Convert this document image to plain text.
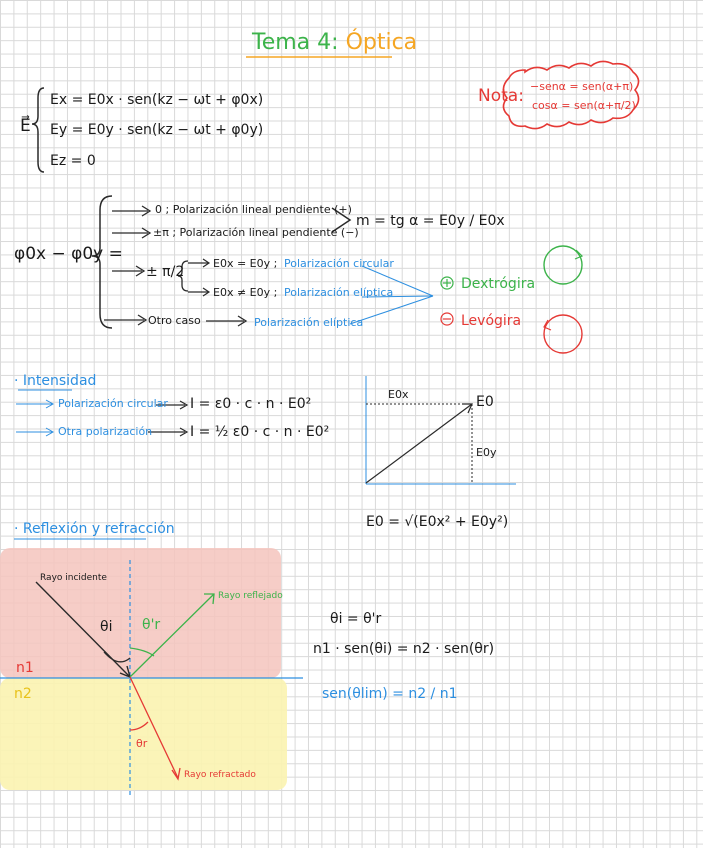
Tema 4: Óptica
Nota: −senα = sen(α+π)
cosα = sen(α+π/2)
E⃗
Ex = E0x · sen(kz − ωt + φ0x)
Ey = E0y · sen(kz − ωt + φ0y)
Ez = 0
φ0x − φ0y =
0 ; Polarización lineal pendiente (+)
±π ; Polarización lineal pendiente (−)
m = tg α = E0y / E0x
± π/2
E0x = E0y ; Polarización circular
E0x ≠ E0y ; Polarización elíptica
Otro caso	Polarización elíptica
Dextrógira
Levógira
· Intensidad
Polarización circular I = ε0 · c · n · E0²
Otra polarización	I = ½ ε0 · c · n · E0²
E0x	E0
E0y
E0 = √(E0x² + E0y²)
· Reflexión y refracción
Rayo incidente
Rayo reflejado
Rayo refractado
θi θ'r
θr
n1
n2
θi = θ'r
n1 · sen(θi) = n2 · sen(θr)
sen(θlim) = n2 / n1
